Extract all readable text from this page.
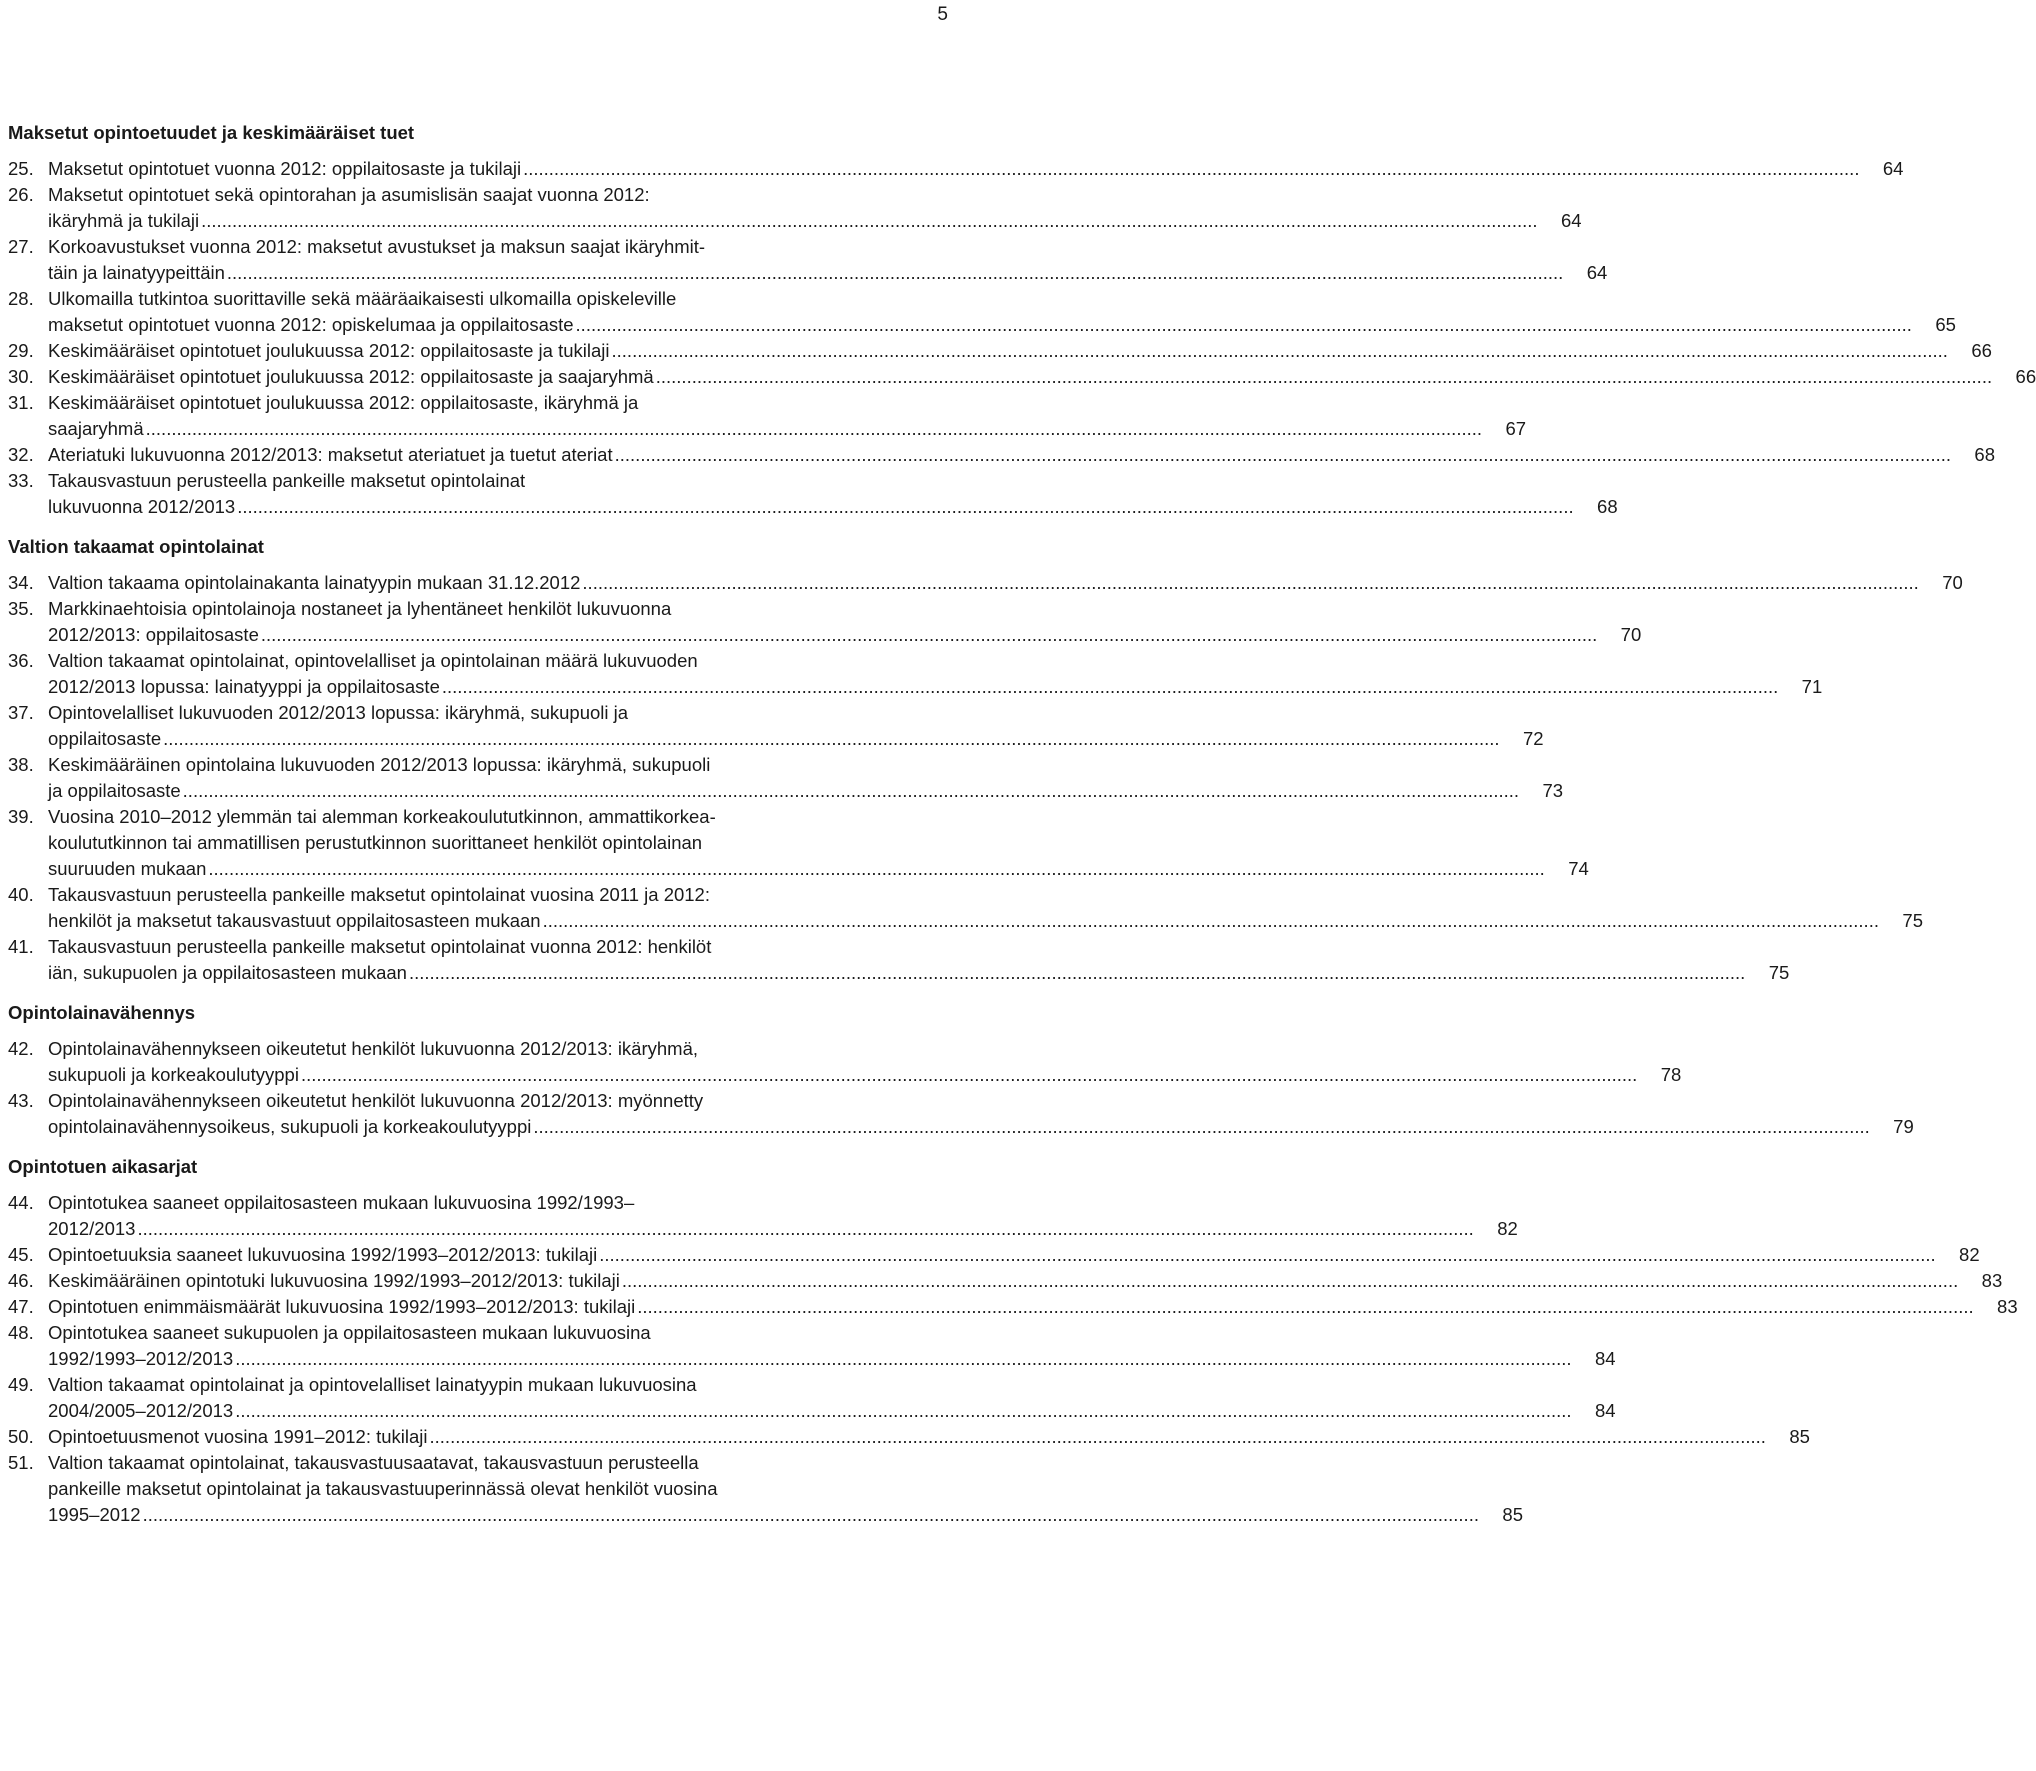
5
Maksetut opintoetuudet ja keskimääräiset tuet
25. Maksetut opintotuet vuonna 2012: oppilaitosaste ja tukilaji .....	64
26. Maksetut opintotuet sekä opintorahan ja asumislisän saajat vuonna 2012:
ikäryhmä ja tukilaji .....	64
27. Korkoavustukset vuonna 2012: maksetut avustukset ja maksun saajat ikäryhmit-
täin ja lainatyypeittäin .....	64
28. Ulkomailla tutkintoa suorittaville sekä määräaikaisesti ulkomailla opiskeleville
maksetut opintotuet vuonna 2012: opiskelumaa ja oppilaitosaste .....	65
29. Keskimääräiset opintotuet joulukuussa 2012: oppilaitosaste ja tukilaji .....	66
30. Keskimääräiset opintotuet joulukuussa 2012: oppilaitosaste ja saajaryhmä .....	66
31. Keskimääräiset opintotuet joulukuussa 2012: oppilaitosaste, ikäryhmä ja
saajaryhmä .....	67
32. Ateriatuki lukuvuonna 2012/2013: maksetut ateriatuet ja tuetut ateriat .....	68
33. Takausvastuun perusteella pankeille maksetut opintolainat
lukuvuonna 2012/2013 .....	68
Valtion takaamat opintolainat
34. Valtion takaama opintolainakanta lainatyypin mukaan 31.12.2012 .....	70
35. Markkinaehtoisia opintolainoja nostaneet ja lyhentäneet henkilöt lukuvuonna
2012/2013: oppilaitosaste .....	70
36. Valtion takaamat opintolainat, opintovelalliset ja opintolainan määrä lukuvuoden
2012/2013 lopussa: lainatyyppi ja oppilaitosaste .....	71
37. Opintovelalliset lukuvuoden 2012/2013 lopussa: ikäryhmä, sukupuoli ja
oppilaitosaste .....	72
38. Keskimääräinen opintolaina lukuvuoden 2012/2013 lopussa: ikäryhmä, sukupuoli
ja oppilaitosaste .....	73
39. Vuosina 2010–2012 ylemmän tai alemman korkeakoulututkinnon, ammattikorkea-
koulututkinnon tai ammatillisen perustutkinnon suorittaneet henkilöt opintolainan
suuruuden mukaan .....	74
40. Takausvastuun perusteella pankeille maksetut opintolainat vuosina 2011 ja 2012:
henkilöt ja maksetut takausvastuut oppilaitosasteen mukaan .....	75
41. Takausvastuun perusteella pankeille maksetut opintolainat vuonna 2012: henkilöt
iän, sukupuolen ja oppilaitosasteen mukaan .....	75
Opintolainavähennys
42. Opintolainavähennykseen oikeutetut henkilöt lukuvuonna 2012/2013: ikäryhmä,
sukupuoli ja korkeakoulutyyppi .....	78
43. Opintolainavähennykseen oikeutetut henkilöt lukuvuonna 2012/2013: myönnetty
opintolainavähennysoikeus, sukupuoli ja korkeakoulutyyppi .....	79
Opintotuen aikasarjat
44. Opintotukea saaneet oppilaitosasteen mukaan lukuvuosina 1992/1993–
2012/2013 .....	82
45. Opintoetuuksia saaneet lukuvuosina 1992/1993–2012/2013: tukilaji .....	82
46. Keskimääräinen opintotuki lukuvuosina 1992/1993–2012/2013: tukilaji .....	83
47. Opintotuen enimmäismäärät lukuvuosina 1992/1993–2012/2013: tukilaji .....	83
48. Opintotukea saaneet sukupuolen ja oppilaitosasteen mukaan lukuvuosina
1992/1993–2012/2013 .....	84
49. Valtion takaamat opintolainat ja opintovelalliset lainatyypin mukaan lukuvuosina
2004/2005–2012/2013 .....	84
50. Opintoetuusmenot vuosina 1991–2012: tukilaji .....	85
51. Valtion takaamat opintolainat, takausvastuusaatavat, takausvastuun perusteella
pankeille maksetut opintolainat ja takausvastuuperinnässä olevat henkilöt vuosina
1995–2012 .....	85
